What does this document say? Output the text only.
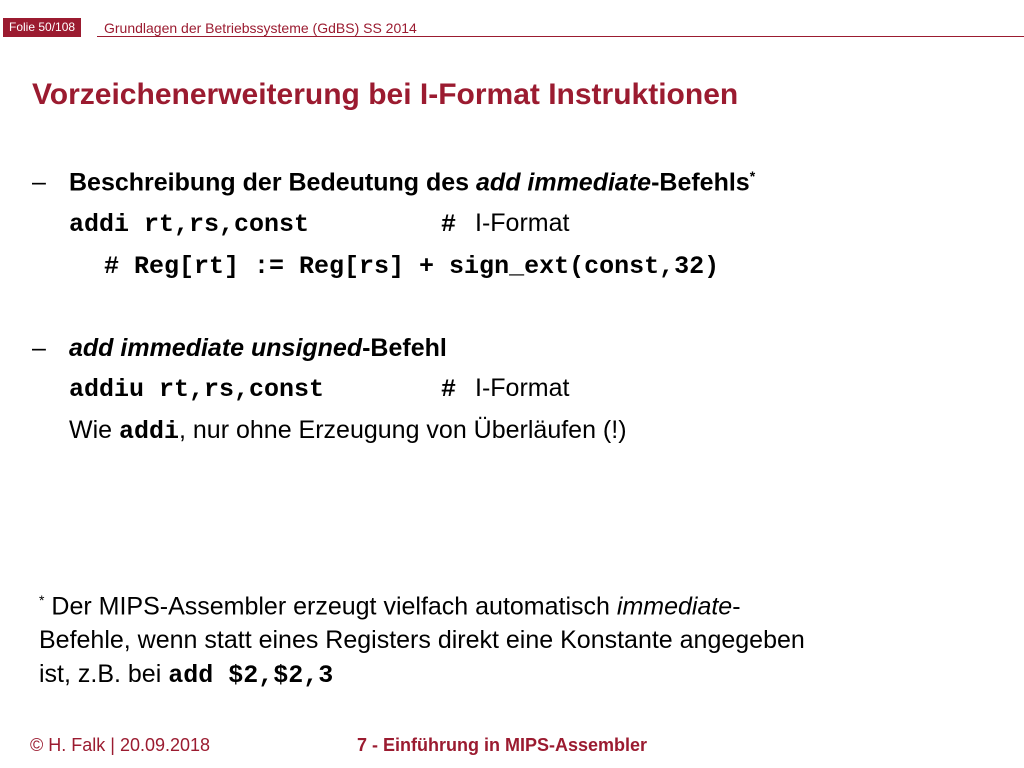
Folie 50/108	Grundlagen der Betriebssysteme (GdBS) SS 2014
Vorzeichenerweiterung bei I-Format Instruktionen
– Beschreibung der Bedeutung des add immediate-Befehls*
addi rt,rs,const	# I-Format
# Reg[rt] := Reg[rs] + sign_ext(const,32)
– add immediate unsigned-Befehl
addiu rt,rs,const	# I-Format
Wie addi, nur ohne Erzeugung von Überläufen (!)
* Der MIPS-Assembler erzeugt vielfach automatisch immediate-
Befehle, wenn statt eines Registers direkt eine Konstante angegeben
ist, z.B. bei add $2,$2,3
© H. Falk | 20.09.2018	7 - Einführung in MIPS-Assembler
